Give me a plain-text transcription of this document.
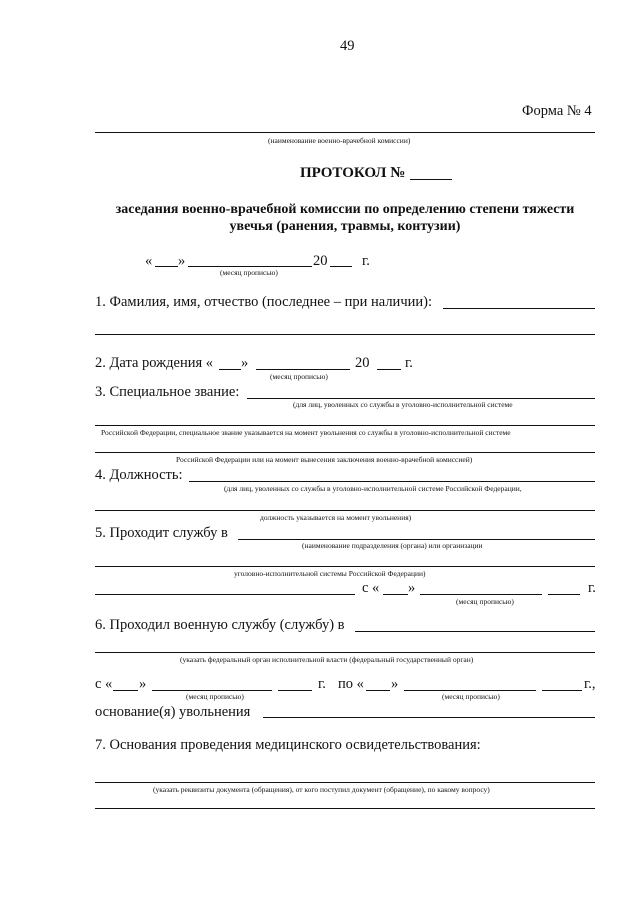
49
Форма № 4
(наименование военно-врачебной комиссии)
ПРОТОКОЛ №
заседания военно-врачебной комиссии по определению степени тяжести
увечья (ранения, травмы, контузии)
« »	20 г.
(месяц прописью)
1. Фамилия, имя, отчество (последнее – при наличии):
2. Дата рождения « »	20 г.
(месяц прописью)
3. Специальное звание:
(для лиц, уволенных со службы в уголовно-исполнительной системе
Российской Федерации, специальное звание указывается на момент увольнения со службы в уголовно-исполнительной системе
Российской Федерации или на момент вынесения заключения военно-врачебной комиссией)
4. Должность:
(для лиц, уволенных со службы в уголовно-исполнительной системе Российской Федерации,
должность указывается на момент увольнения)
5. Проходит службу в
(наименование подразделения (органа) или организации
уголовно-исполнительной системы Российской Федерации)
с « »	г.
(месяц прописью)
6. Проходил военную службу (службу) в
(указать федеральный орган исполнительной власти (федеральный государственный орган)
с « »	г. по « »	г.,
(месяц прописью)	(месяц прописью)
основание(я) увольнения
7. Основания проведения медицинского освидетельствования:
(указать реквизиты документа (обращения), от кого поступил документ (обращение), по какому вопросу)
